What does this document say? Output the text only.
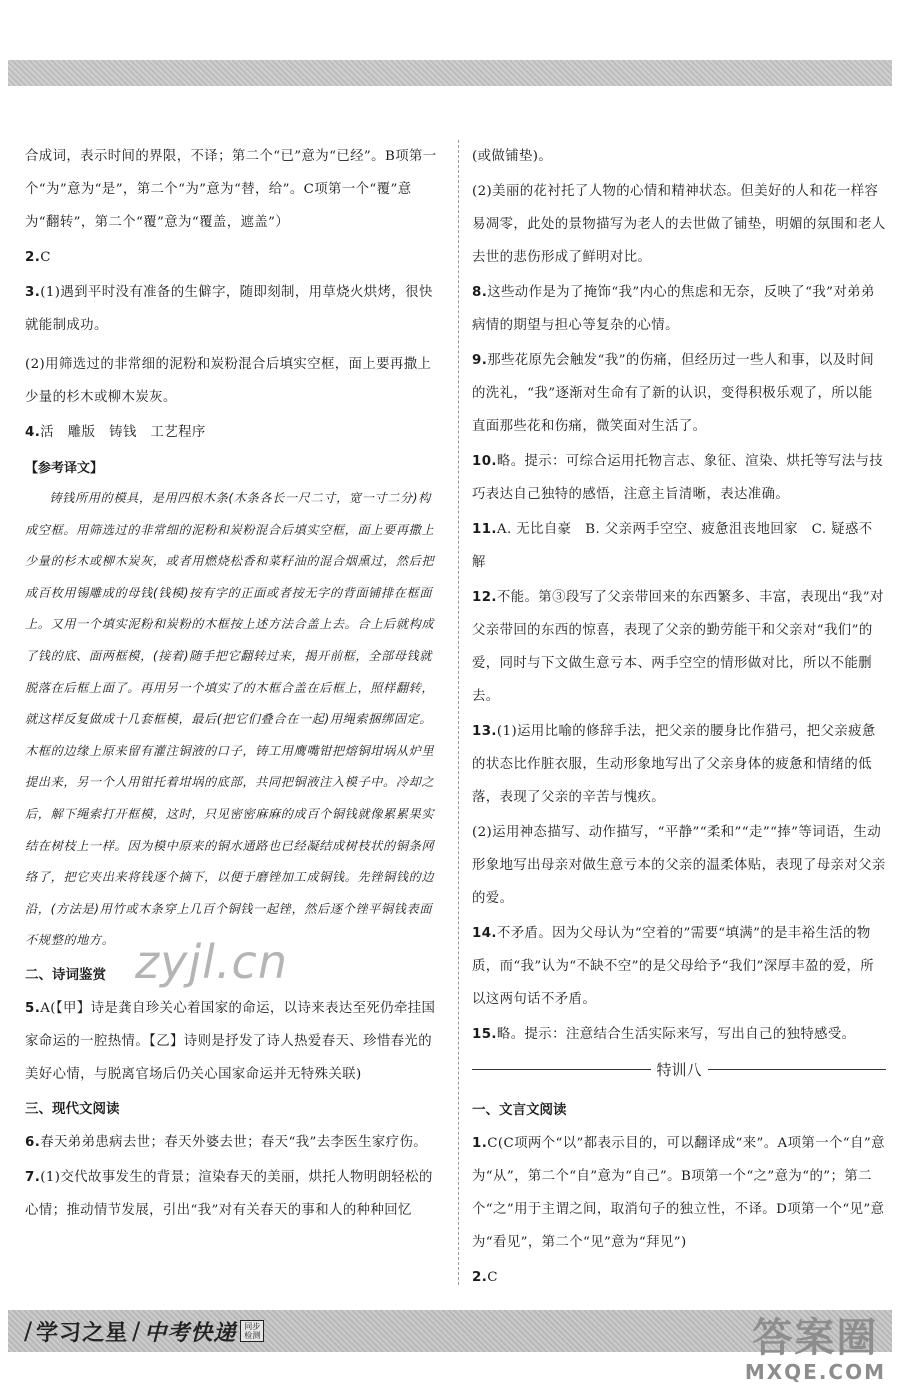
合成词，表示时间的界限，不译；第二个“已”意为“已经”。B项第一个“为”意为“是”，第二个“为”意为“替，给”。C项第一个“覆”意为“翻转”，第二个“覆”意为“覆盖，遮盖”）

2.C

3.(1)遇到平时没有准备的生僻字，随即刻制，用草烧火烘烤，很快就能制成功。

(2)用筛选过的非常细的泥粉和炭粉混合后填实空框，面上要再撒上少量的杉木或柳木炭灰。

4.活　雕版　铸钱　工艺程序

【参考译文】

铸钱所用的模具，是用四根木条(木条各长一尺二寸，宽一寸二分)构成空框。用筛选过的非常细的泥粉和炭粉混合后填实空框，面上要再撒上少量的杉木或柳木炭灰，或者用燃烧松香和菜籽油的混合烟熏过，然后把成百枚用锡雕成的母钱(钱模)按有字的正面或者按无字的背面铺排在框面上。又用一个填实泥粉和炭粉的木框按上述方法合盖上去。合上后就构成了钱的底、面两框模，(接着)随手把它翻转过来，揭开前框，全部母钱就脱落在后框上面了。再用另一个填实了的木框合盖在后框上，照样翻转，就这样反复做成十几套框模，最后(把它们叠合在一起)用绳索捆绑固定。木框的边缘上原来留有灌注铜液的口子，铸工用鹰嘴钳把熔铜坩埚从炉里提出来，另一个人用钳托着坩埚的底部，共同把铜液注入模子中。冷却之后，解下绳索打开框模，这时，只见密密麻麻的成百个铜钱就像累累果实结在树枝上一样。因为模中原来的铜水通路也已经凝结成树枝状的铜条网络了，把它夹出来将钱逐个摘下，以便于磨锉加工成铜钱。先锉铜钱的边沿，(方法是)用竹或木条穿上几百个铜钱一起锉，然后逐个锉平铜钱表面不规整的地方。

二、诗词鉴赏

5.A(【甲】诗是龚自珍关心着国家的命运，以诗来表达至死仍牵挂国家命运的一腔热情。【乙】诗则是抒发了诗人热爱春天、珍惜春光的美好心情，与脱离官场后仍关心国家命运并无特殊关联)

三、现代文阅读

6.春天弟弟患病去世；春天外婆去世；春天“我”去李医生家疗伤。

7.(1)交代故事发生的背景；渲染春天的美丽，烘托人物明朗轻松的心情；推动情节发展，引出“我”对有关春天的事和人的种种回忆

(或做铺垫)。

(2)美丽的花衬托了人物的心情和精神状态。但美好的人和花一样容易凋零，此处的景物描写为老人的去世做了铺垫，明媚的氛围和老人去世的悲伤形成了鲜明对比。

8.这些动作是为了掩饰“我”内心的焦虑和无奈，反映了“我”对弟弟病情的期望与担心等复杂的心情。

9.那些花原先会触发“我”的伤痛，但经历过一些人和事，以及时间的洗礼，“我”逐渐对生命有了新的认识，变得积极乐观了，所以能直面那些花和伤痛，微笑面对生活了。

10.略。提示：可综合运用托物言志、象征、渲染、烘托等写法与技巧表达自己独特的感悟，注意主旨清晰，表达准确。

11.A. 无比自豪　B. 父亲两手空空、疲惫沮丧地回家　C. 疑惑不解

12.不能。第③段写了父亲带回来的东西繁多、丰富，表现出“我”对父亲带回的东西的惊喜，表现了父亲的勤劳能干和父亲对“我们”的爱，同时与下文做生意亏本、两手空空的情形做对比，所以不能删去。

13.(1)运用比喻的修辞手法，把父亲的腰身比作猎弓，把父亲疲惫的状态比作脏衣服，生动形象地写出了父亲身体的疲惫和情绪的低落，表现了父亲的辛苦与愧疚。

(2)运用神态描写、动作描写，“平静”“柔和”“走”“捧”等词语，生动形象地写出母亲对做生意亏本的父亲的温柔体贴，表现了母亲对父亲的爱。

14.不矛盾。因为父母认为“空着的”需要“填满”的是丰裕生活的物质，而“我”认为“不缺不空”的是父母给予“我们”深厚丰盈的爱，所以这两句话不矛盾。

15.略。提示：注意结合生活实际来写，写出自己的独特感受。

特训八

一、文言文阅读

1.C(C项两个“以”都表示目的，可以翻译成“来”。A项第一个“自”意为“从”，第二个“自”意为“自己”。B项第一个“之”意为“的”；第二个“之”用于主谓之间，取消句子的独立性，不译。D项第一个“见”意为“看见”，第二个“见”意为“拜见”)

2.C

zyjl.cn
/ 学习之星 / 中考快递	同步检测	答案圈
MXQE.COM
